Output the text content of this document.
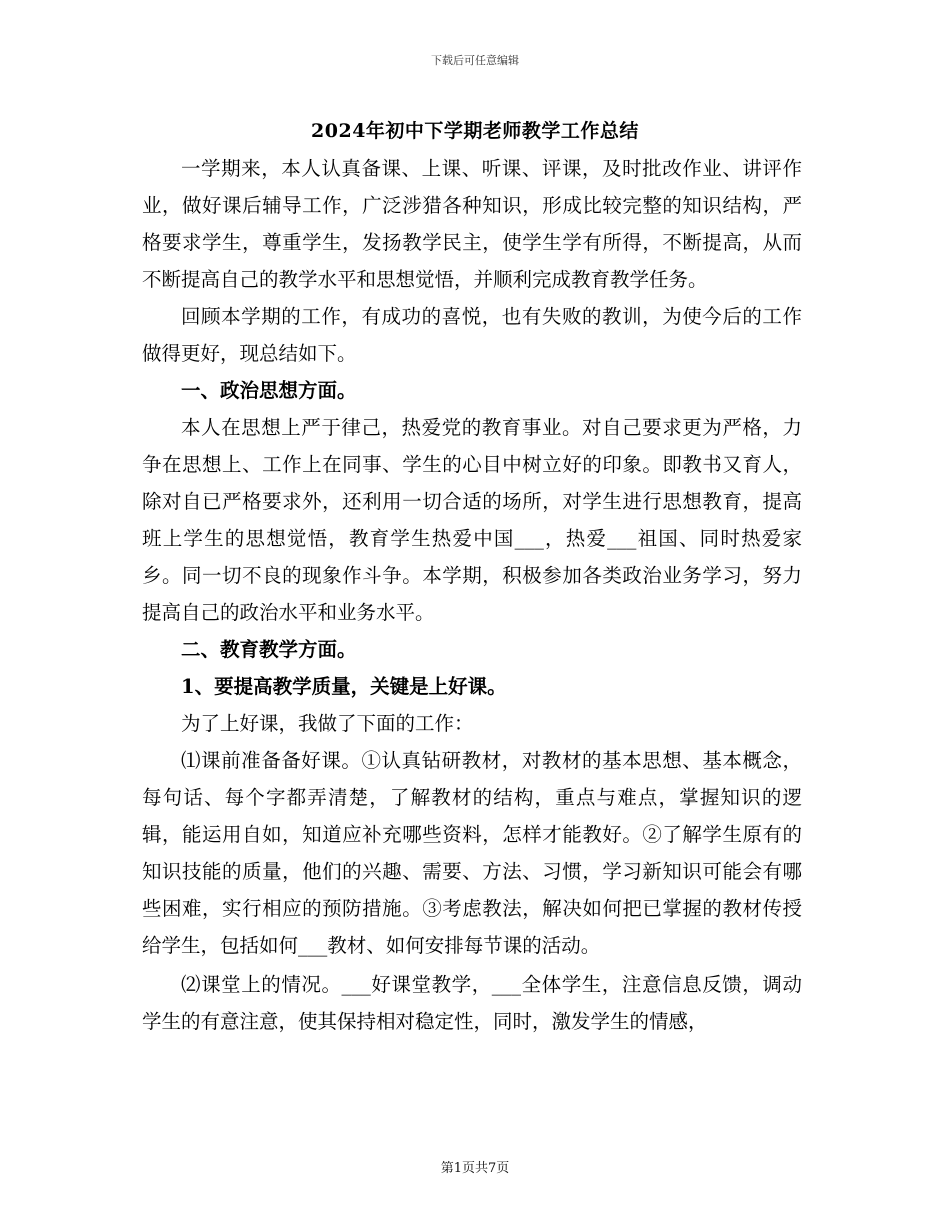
下载后可任意编辑
2024年初中下学期老师教学工作总结

一学期来，本人认真备课、上课、听课、评课，及时批改作业、讲评作业，做好课后辅导工作，广泛涉猎各种知识，形成比较完整的知识结构，严格要求学生，尊重学生，发扬教学民主，使学生学有所得，不断提高，从而不断提高自己的教学水平和思想觉悟，并顺利完成教育教学任务。

回顾本学期的工作，有成功的喜悦，也有失败的教训，为使今后的工作做得更好，现总结如下。

一、政治思想方面。

本人在思想上严于律己，热爱党的教育事业。对自己要求更为严格，力争在思想上、工作上在同事、学生的心目中树立好的印象。即教书又育人，除对自已严格要求外，还利用一切合适的场所，对学生进行思想教育，提高班上学生的思想觉悟，教育学生热爱中国___，热爱___祖国、同时热爱家乡。同一切不良的现象作斗争。本学期，积极参加各类政治业务学习，努力提高自己的政治水平和业务水平。

二、教育教学方面。

1、要提高教学质量，关键是上好课。

为了上好课，我做了下面的工作：

⑴课前准备备好课。①认真钻研教材，对教材的基本思想、基本概念，每句话、每个字都弄清楚，了解教材的结构，重点与难点，掌握知识的逻辑，能运用自如，知道应补充哪些资料，怎样才能教好。②了解学生原有的知识技能的质量，他们的兴趣、需要、方法、习惯，学习新知识可能会有哪些困难，实行相应的预防措施。③考虑教法，解决如何把已掌握的教材传授给学生，包括如何___教材、如何安排每节课的活动。

⑵课堂上的情况。___好课堂教学，___全体学生，注意信息反馈，调动学生的有意注意，使其保持相对稳定性，同时，激发学生的情感，

第1页共7页
